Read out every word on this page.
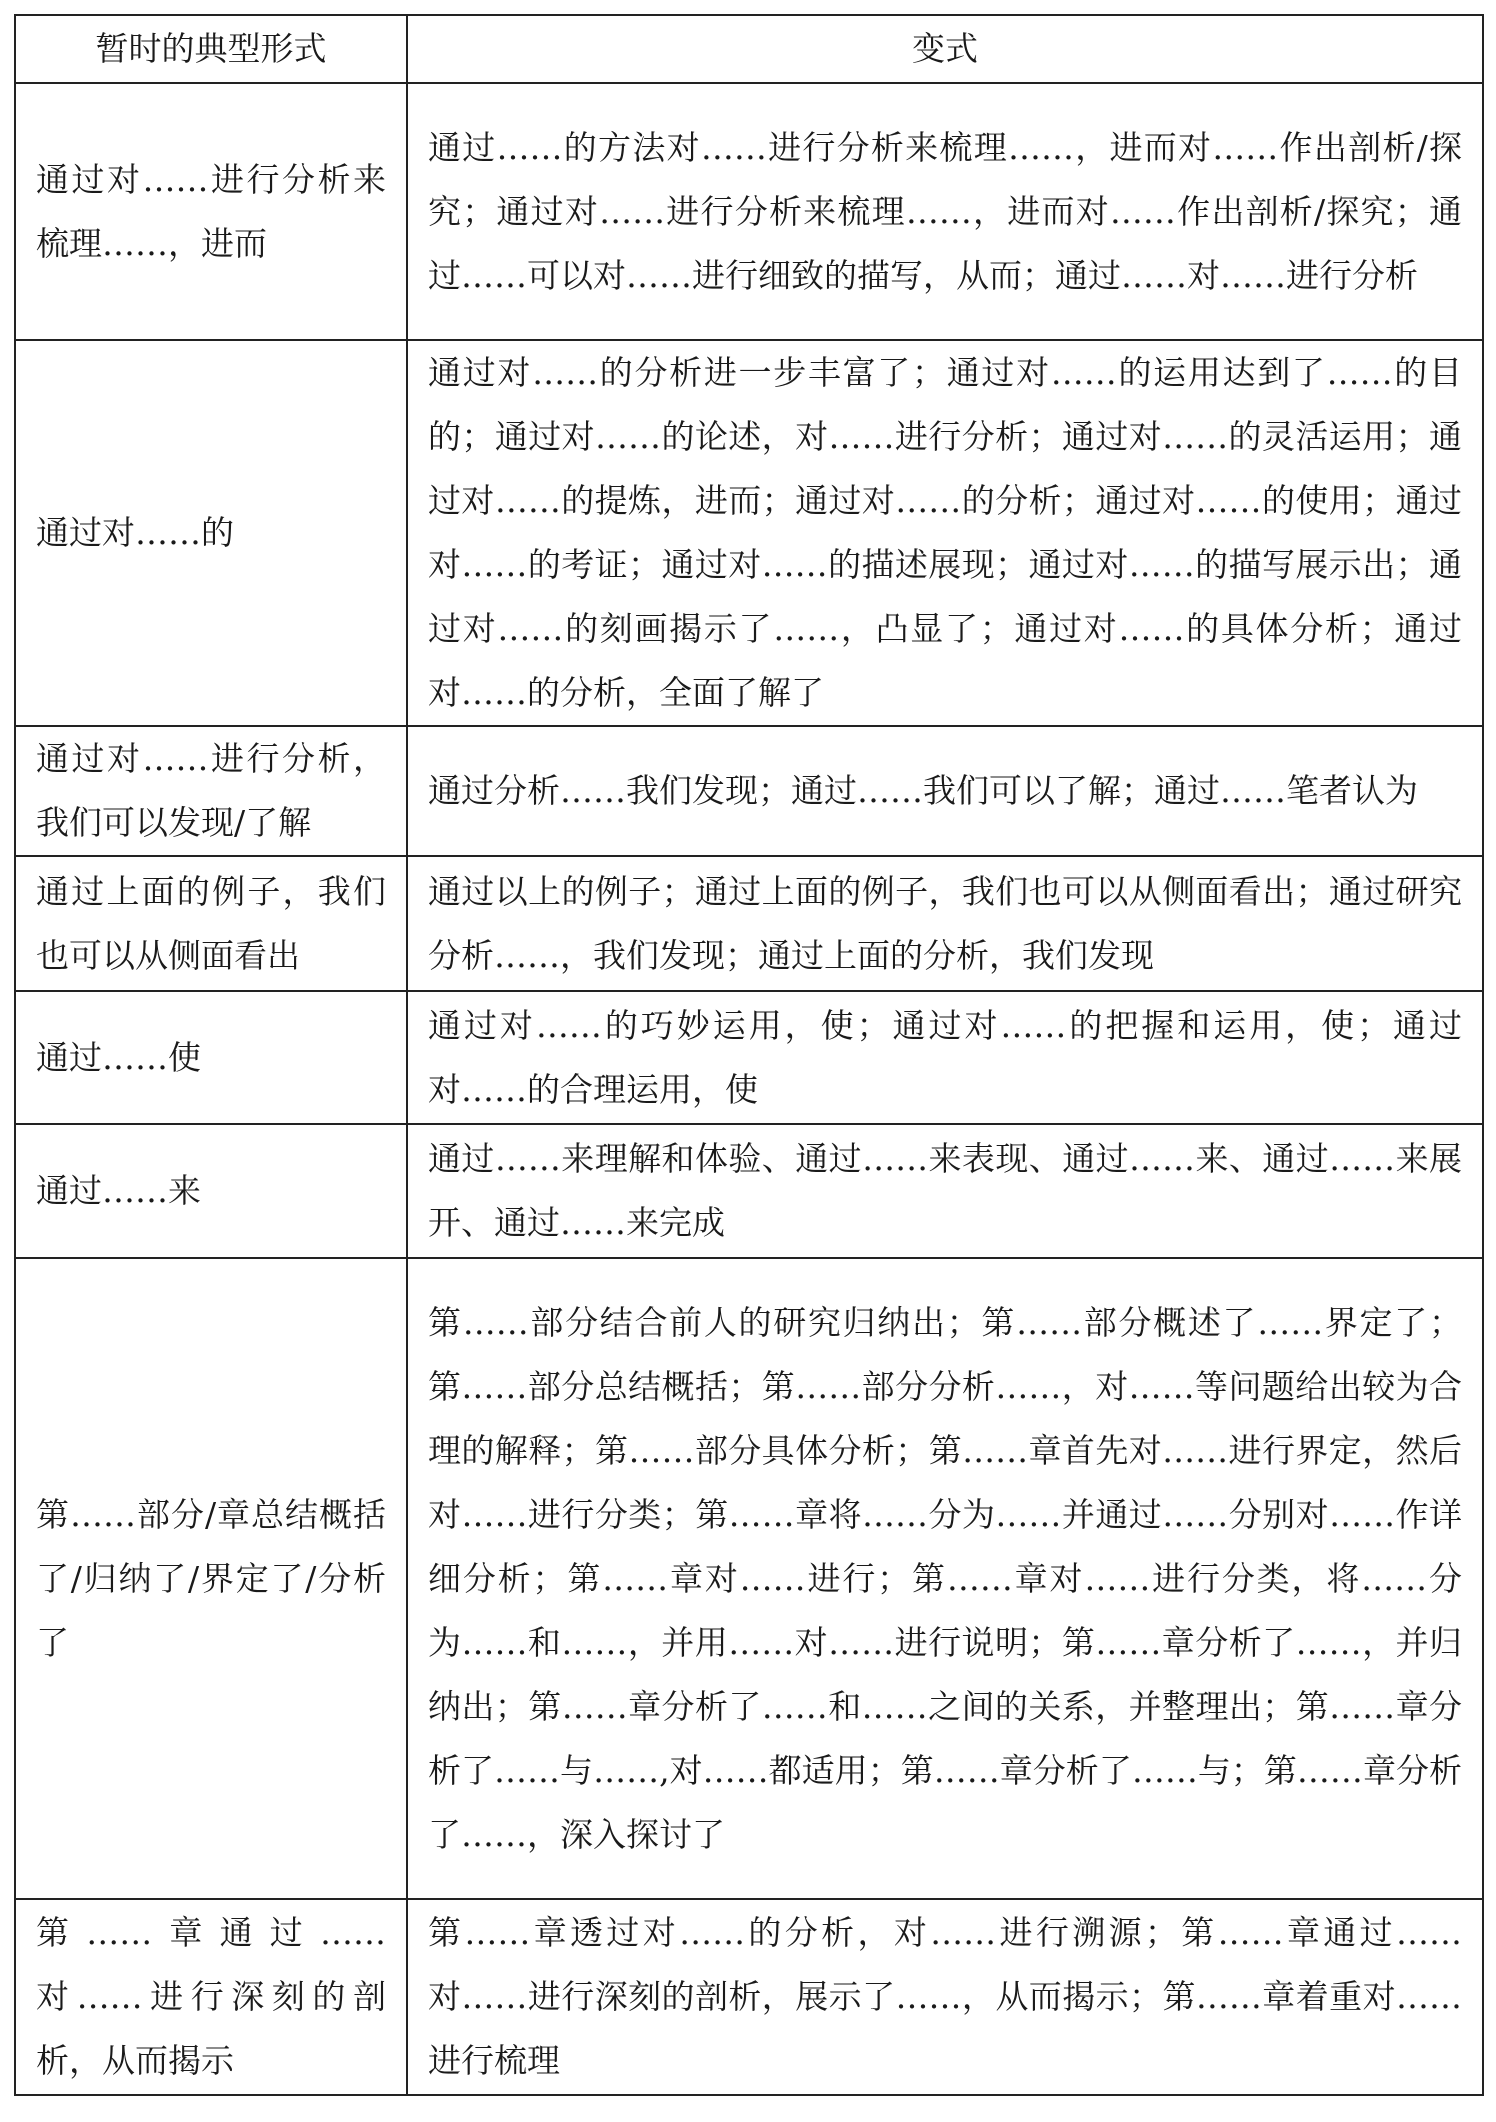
暂时的典型形式	变式
通过对……进行分析来梳理……，进而	通过……的方法对……进行分析来梳理……，进而对……作出剖析/探究；通过对……进行分析来梳理……，进而对……作出剖析/探究；通过……可以对……进行细致的描写，从而；通过……对……进行分析
通过对……的	通过对……的分析进一步丰富了；通过对……的运用达到了……的目的；通过对……的论述，对……进行分析；通过对……的灵活运用；通过对……的提炼，进而；通过对……的分析；通过对……的使用；通过对……的考证；通过对……的描述展现；通过对……的描写展示出；通过对……的刻画揭示了……，凸显了；通过对……的具体分析；通过对……的分析，全面了解了
通过对……进行分析，我们可以发现/了解	通过分析……我们发现；通过……我们可以了解；通过……笔者认为
通过上面的例子，我们也可以从侧面看出	通过以上的例子；通过上面的例子，我们也可以从侧面看出；通过研究分析……，我们发现；通过上面的分析，我们发现
通过……使	通过对……的巧妙运用，使；通过对……的把握和运用，使；通过对……的合理运用，使
通过……来	通过……来理解和体验、通过……来表现、通过……来、通过……来展开、通过……来完成
第……部分/章总结概括了/归纳了/界定了/分析了	第……部分结合前人的研究归纳出；第……部分概述了……界定了；第……部分总结概括；第……部分分析……，对……等问题给出较为合理的解释；第……部分具体分析；第……章首先对……进行界定，然后对……进行分类；第……章将……分为……并通过……分别对……作详细分析；第……章对……进行；第……章对……进行分类，将……分为……和……，并用……对……进行说明；第……章分析了……，并归纳出；第……章分析了……和……之间的关系，并整理出；第……章分析了……与……,对……都适用；第……章分析了……与；第……章分析了……，深入探讨了
第……章通过……对……进行深刻的剖析，从而揭示	第……章透过对……的分析，对……进行溯源；第……章通过……对……进行深刻的剖析，展示了……，从而揭示；第……章着重对……进行梳理
